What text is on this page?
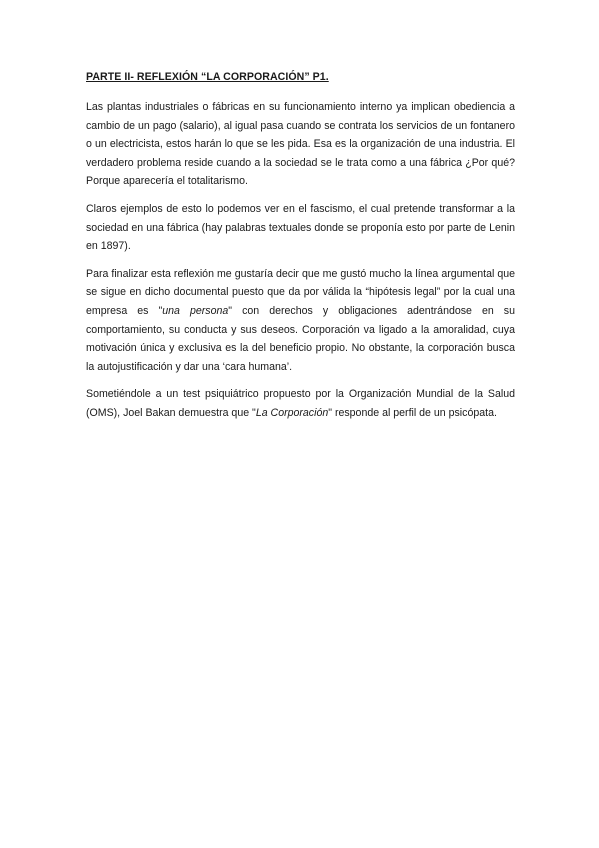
PARTE II- REFLEXIÓN “LA CORPORACIÓN” P1.

Las plantas industriales o fábricas en su funcionamiento interno ya implican obediencia a cambio de un pago (salario), al igual pasa cuando se contrata los servicios de un fontanero o un electricista, estos harán lo que se les pida. Esa es la organización de una industria. El verdadero problema reside cuando a la sociedad se le trata como a una fábrica ¿Por qué? Porque aparecería el totalitarismo.

Claros ejemplos de esto lo podemos ver en el fascismo, el cual pretende transformar a la sociedad en una fábrica (hay palabras textuales donde se proponía esto por parte de Lenin en 1897).

Para finalizar esta reflexión me gustaría decir que me gustó mucho la línea argumental que se sigue en dicho documental puesto que da por válida la “hipótesis legal” por la cual una empresa es "una persona" con derechos y obligaciones adentrándose en su comportamiento, su conducta y sus deseos. Corporación va ligado a la amoralidad, cuya motivación única y exclusiva es la del beneficio propio. No obstante, la corporación busca la autojustificación y dar una ‘cara humana’.

Sometiéndole a un test psiquiátrico propuesto por la Organización Mundial de la Salud (OMS), Joel Bakan demuestra que "La Corporación" responde al perfil de un psicópata.
